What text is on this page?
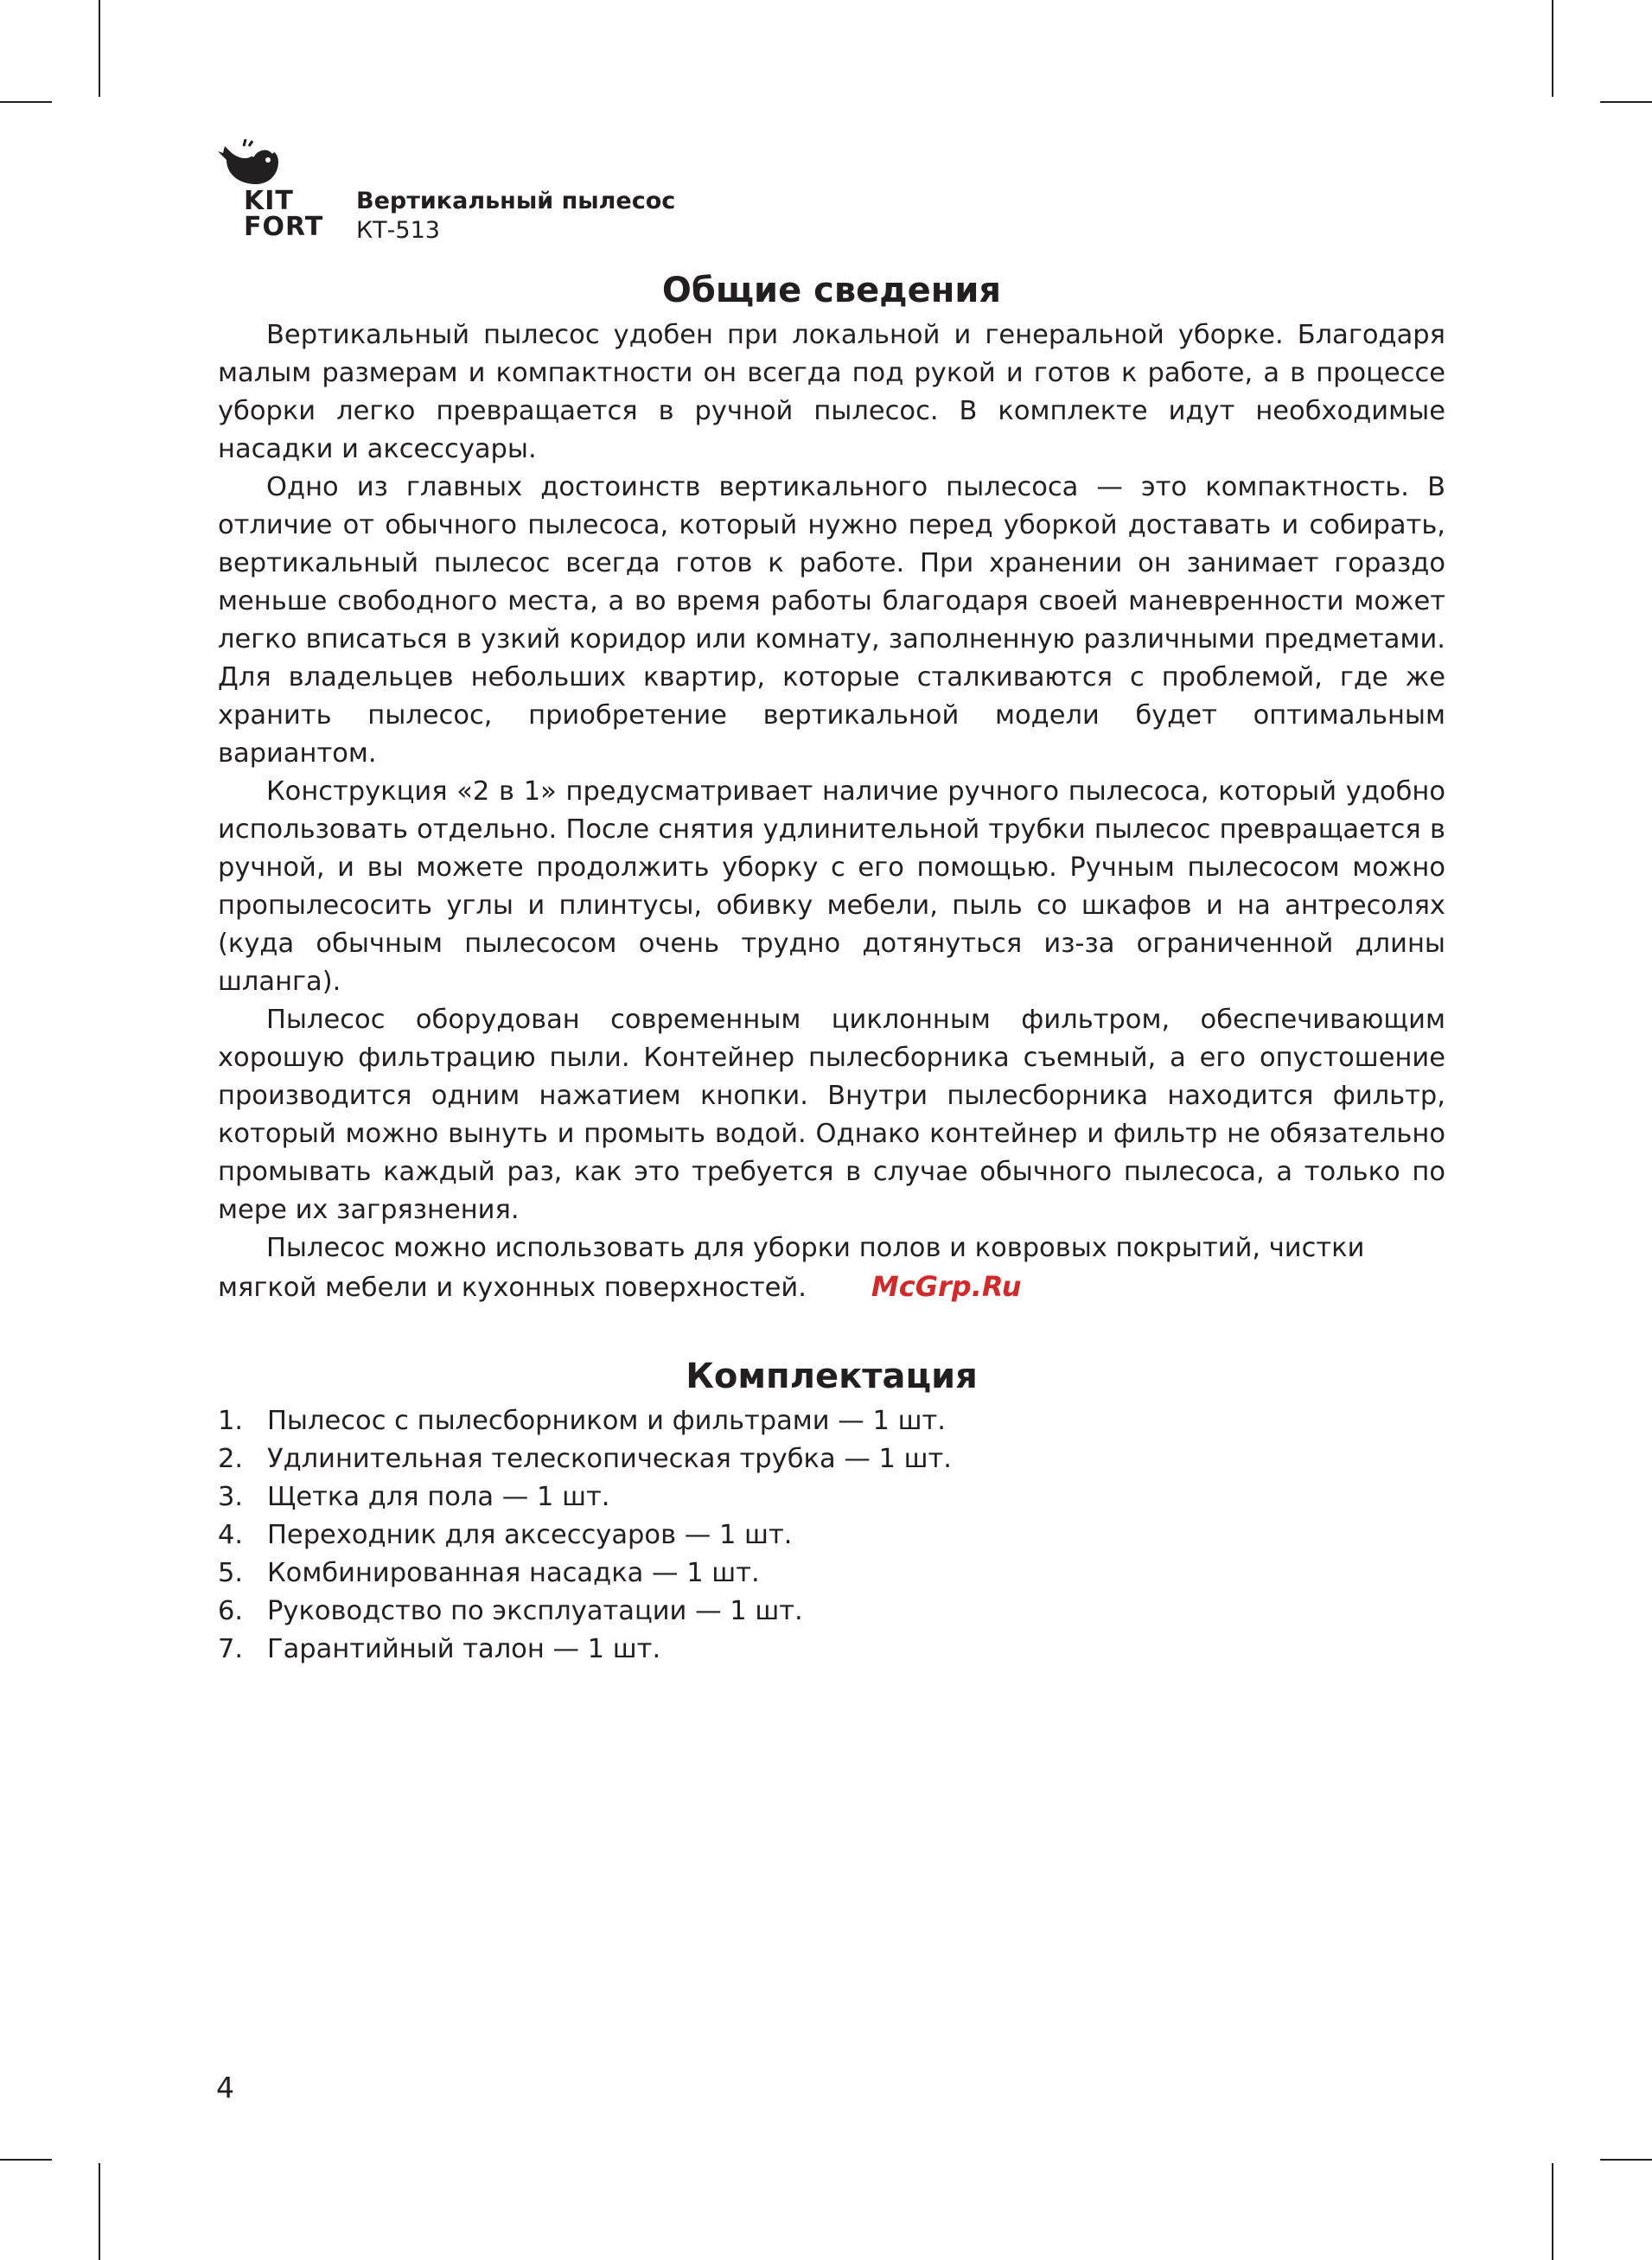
KIT
FORT
Вертикальный пылесос
КТ-513
Общие сведения

Вертикальный пылесос удобен при локальной и генеральной уборке. Благодаря малым размерам и компактности он всегда под рукой и готов к работе, а в процессе уборки легко превращается в ручной пылесос. В комплекте идут необходимые насадки и аксессуары.

Одно из главных достоинств вертикального пылесоса — это компактность. В отличие от обычного пылесоса, который нужно перед уборкой доставать и собирать, вертикальный пылесос всегда готов к работе. При хранении он занимает гораздо меньше свободного места, а во время работы благодаря своей маневренности может легко вписаться в узкий коридор или комнату, заполненную различными предметами. Для владельцев небольших квартир, которые сталкиваются с проблемой, где же хранить пылесос, приобретение вертикальной модели будет оптимальным вариантом.

Конструкция «2 в 1» предусматривает наличие ручного пылесоса, который удобно использовать отдельно. После снятия удлинительной трубки пылесос превращается в ручной, и вы можете продолжить уборку с его помощью. Ручным пылесосом можно пропылесосить углы и плинтусы, обивку мебели, пыль со шкафов и на антресолях (куда обычным пылесосом очень трудно дотянуться из-за ограниченной длины шланга).

Пылесос оборудован современным циклонным фильтром, обеспечивающим хорошую фильтрацию пыли. Контейнер пылесборника съемный, а его опустошение производится одним нажатием кнопки. Внутри пылесборника находится фильтр, который можно вынуть и промыть водой. Однако контейнер и фильтр не обязательно промывать каждый раз, как это требуется в случае обычного пылесоса, а только по мере их загрязнения.

Пылесос можно использовать для уборки полов и ковровых покрытий, чистки мягкой мебели и кухонных поверхностей. McGrp.Ru

Комплектация
1. Пылесос с пылесборником и фильтрами — 1 шт.
2. Удлинительная телескопическая трубка — 1 шт.
3. Щетка для пола — 1 шт.
4. Переходник для аксессуаров — 1 шт.
5. Комбинированная насадка — 1 шт.
6. Руководство по эксплуатации — 1 шт.
7. Гарантийный талон — 1 шт.
4
